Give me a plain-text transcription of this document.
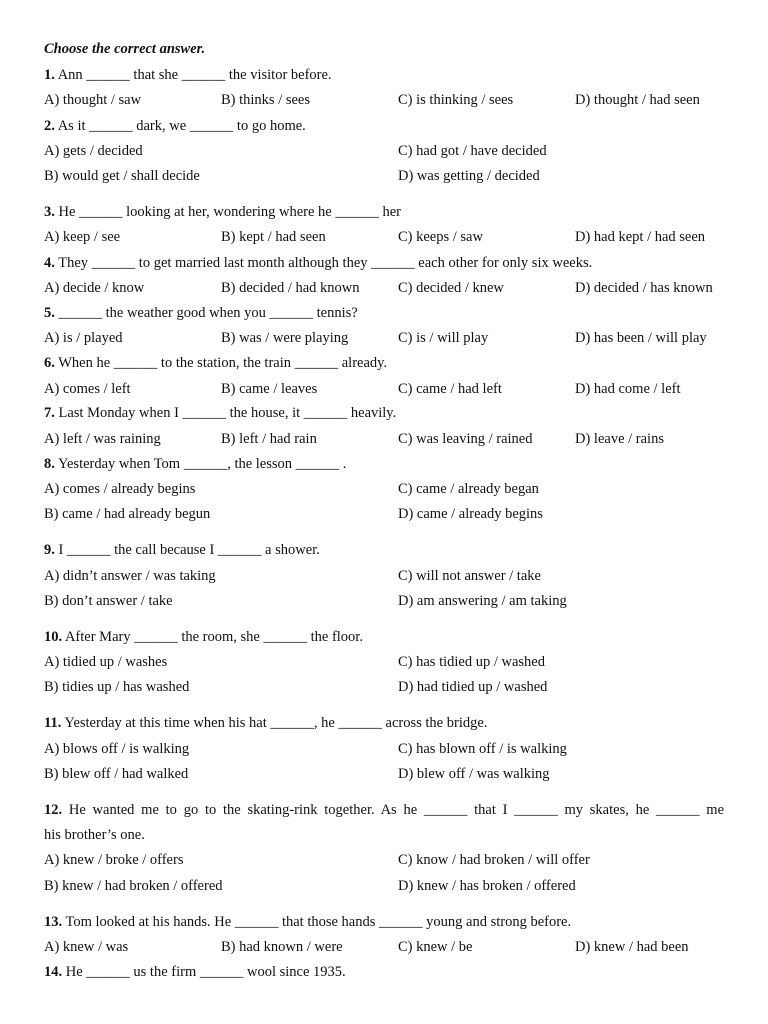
Choose the correct answer.
1. Ann ______ that she ______ the visitor before.
A) thought / saw	B) thinks / sees	C) is thinking / sees	D) thought / had seen
2. As it ______ dark, we ______ to go home.
A) gets / decided	C) had got / have decided
B) would get / shall decide	D) was getting / decided
3. He ______ looking at her, wondering where he ______ her
A) keep / see	B) kept / had seen	C) keeps / saw	D) had kept / had seen
4. They ______ to get married last month although they ______ each other for only six weeks.
A) decide / know	B) decided / had known	C) decided / knew	D) decided / has known
5. ______ the weather good when you ______ tennis?
A) is / played	B) was / were playing	C) is / will play	D) has been / will play
6. When he ______ to the station, the train ______ already.
A) comes / left	B) came / leaves	C) came / had left	D) had come / left
7. Last Monday when I ______ the house, it ______ heavily.
A) left / was raining	B) left / had rain	C) was leaving / rained	D) leave / rains
8. Yesterday when Tom ______, the lesson ______ .
A) comes / already begins	C) came / already began
B) came / had already begun	D) came / already begins
9. I ______ the call because I ______ a shower.
A) didn’t answer / was taking	C) will not answer / take
B) don’t answer / take	D) am answering / am taking
10. After Mary ______ the room, she ______ the floor.
A) tidied up / washes	C) has tidied up / washed
B) tidies up / has washed	D) had tidied up / washed
11. Yesterday at this time when his hat ______, he ______ across the bridge.
A) blows off / is walking	C) has blown off / is walking
B) blew off / had walked	D) blew off / was walking
12. He wanted me to go to the skating-rink together. As he ______ that I ______ my skates, he ______ me
his brother’s one.
A) knew / broke / offers	C) know / had broken / will offer
B) knew / had broken / offered	D) knew / has broken / offered
13. Tom looked at his hands. He ______ that those hands ______ young and strong before.
A) knew / was	B) had known / were	C) knew / be	D) knew / had been
14. He ______ us the firm ______ wool since 1935.
